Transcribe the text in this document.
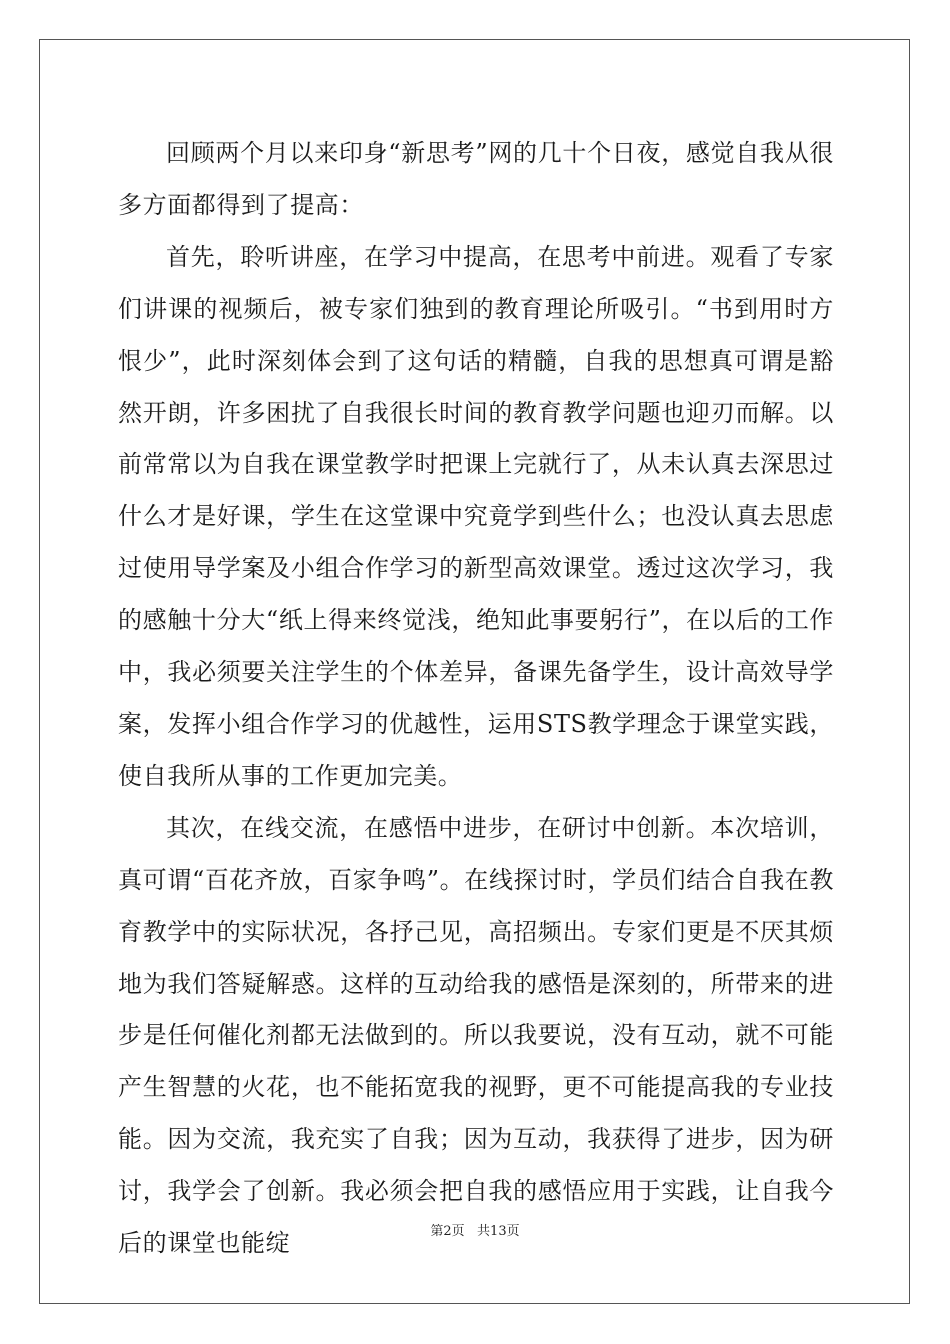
回顾两个月以来印身“新思考”网的几十个日夜，感觉自我从很多方面都得到了提高：

首先，聆听讲座，在学习中提高，在思考中前进。观看了专家们讲课的视频后，被专家们独到的教育理论所吸引。“书到用时方恨少”，此时深刻体会到了这句话的精髓，自我的思想真可谓是豁然开朗，许多困扰了自我很长时间的教育教学问题也迎刃而解。以前常常以为自我在课堂教学时把课上完就行了，从未认真去深思过什么才是好课，学生在这堂课中究竟学到些什么；也没认真去思虑过使用导学案及小组合作学习的新型高效课堂。透过这次学习，我的感触十分大“纸上得来终觉浅，绝知此事要躬行”，在以后的工作中，我必须要关注学生的个体差异，备课先备学生，设计高效导学案，发挥小组合作学习的优越性，运用STS教学理念于课堂实践，使自我所从事的工作更加完美。

其次，在线交流，在感悟中进步，在研讨中创新。本次培训，真可谓“百花齐放，百家争鸣”。在线探讨时，学员们结合自我在教育教学中的实际状况，各抒己见，高招频出。专家们更是不厌其烦地为我们答疑解惑。这样的互动给我的感悟是深刻的，所带来的进步是任何催化剂都无法做到的。所以我要说，没有互动，就不可能产生智慧的火花，也不能拓宽我的视野，更不可能提高我的专业技能。因为交流，我充实了自我；因为互动，我获得了进步，因为研讨，我学会了创新。我必须会把自我的感悟应用于实践，让自我今后的课堂也能绽	第2页   共13页
